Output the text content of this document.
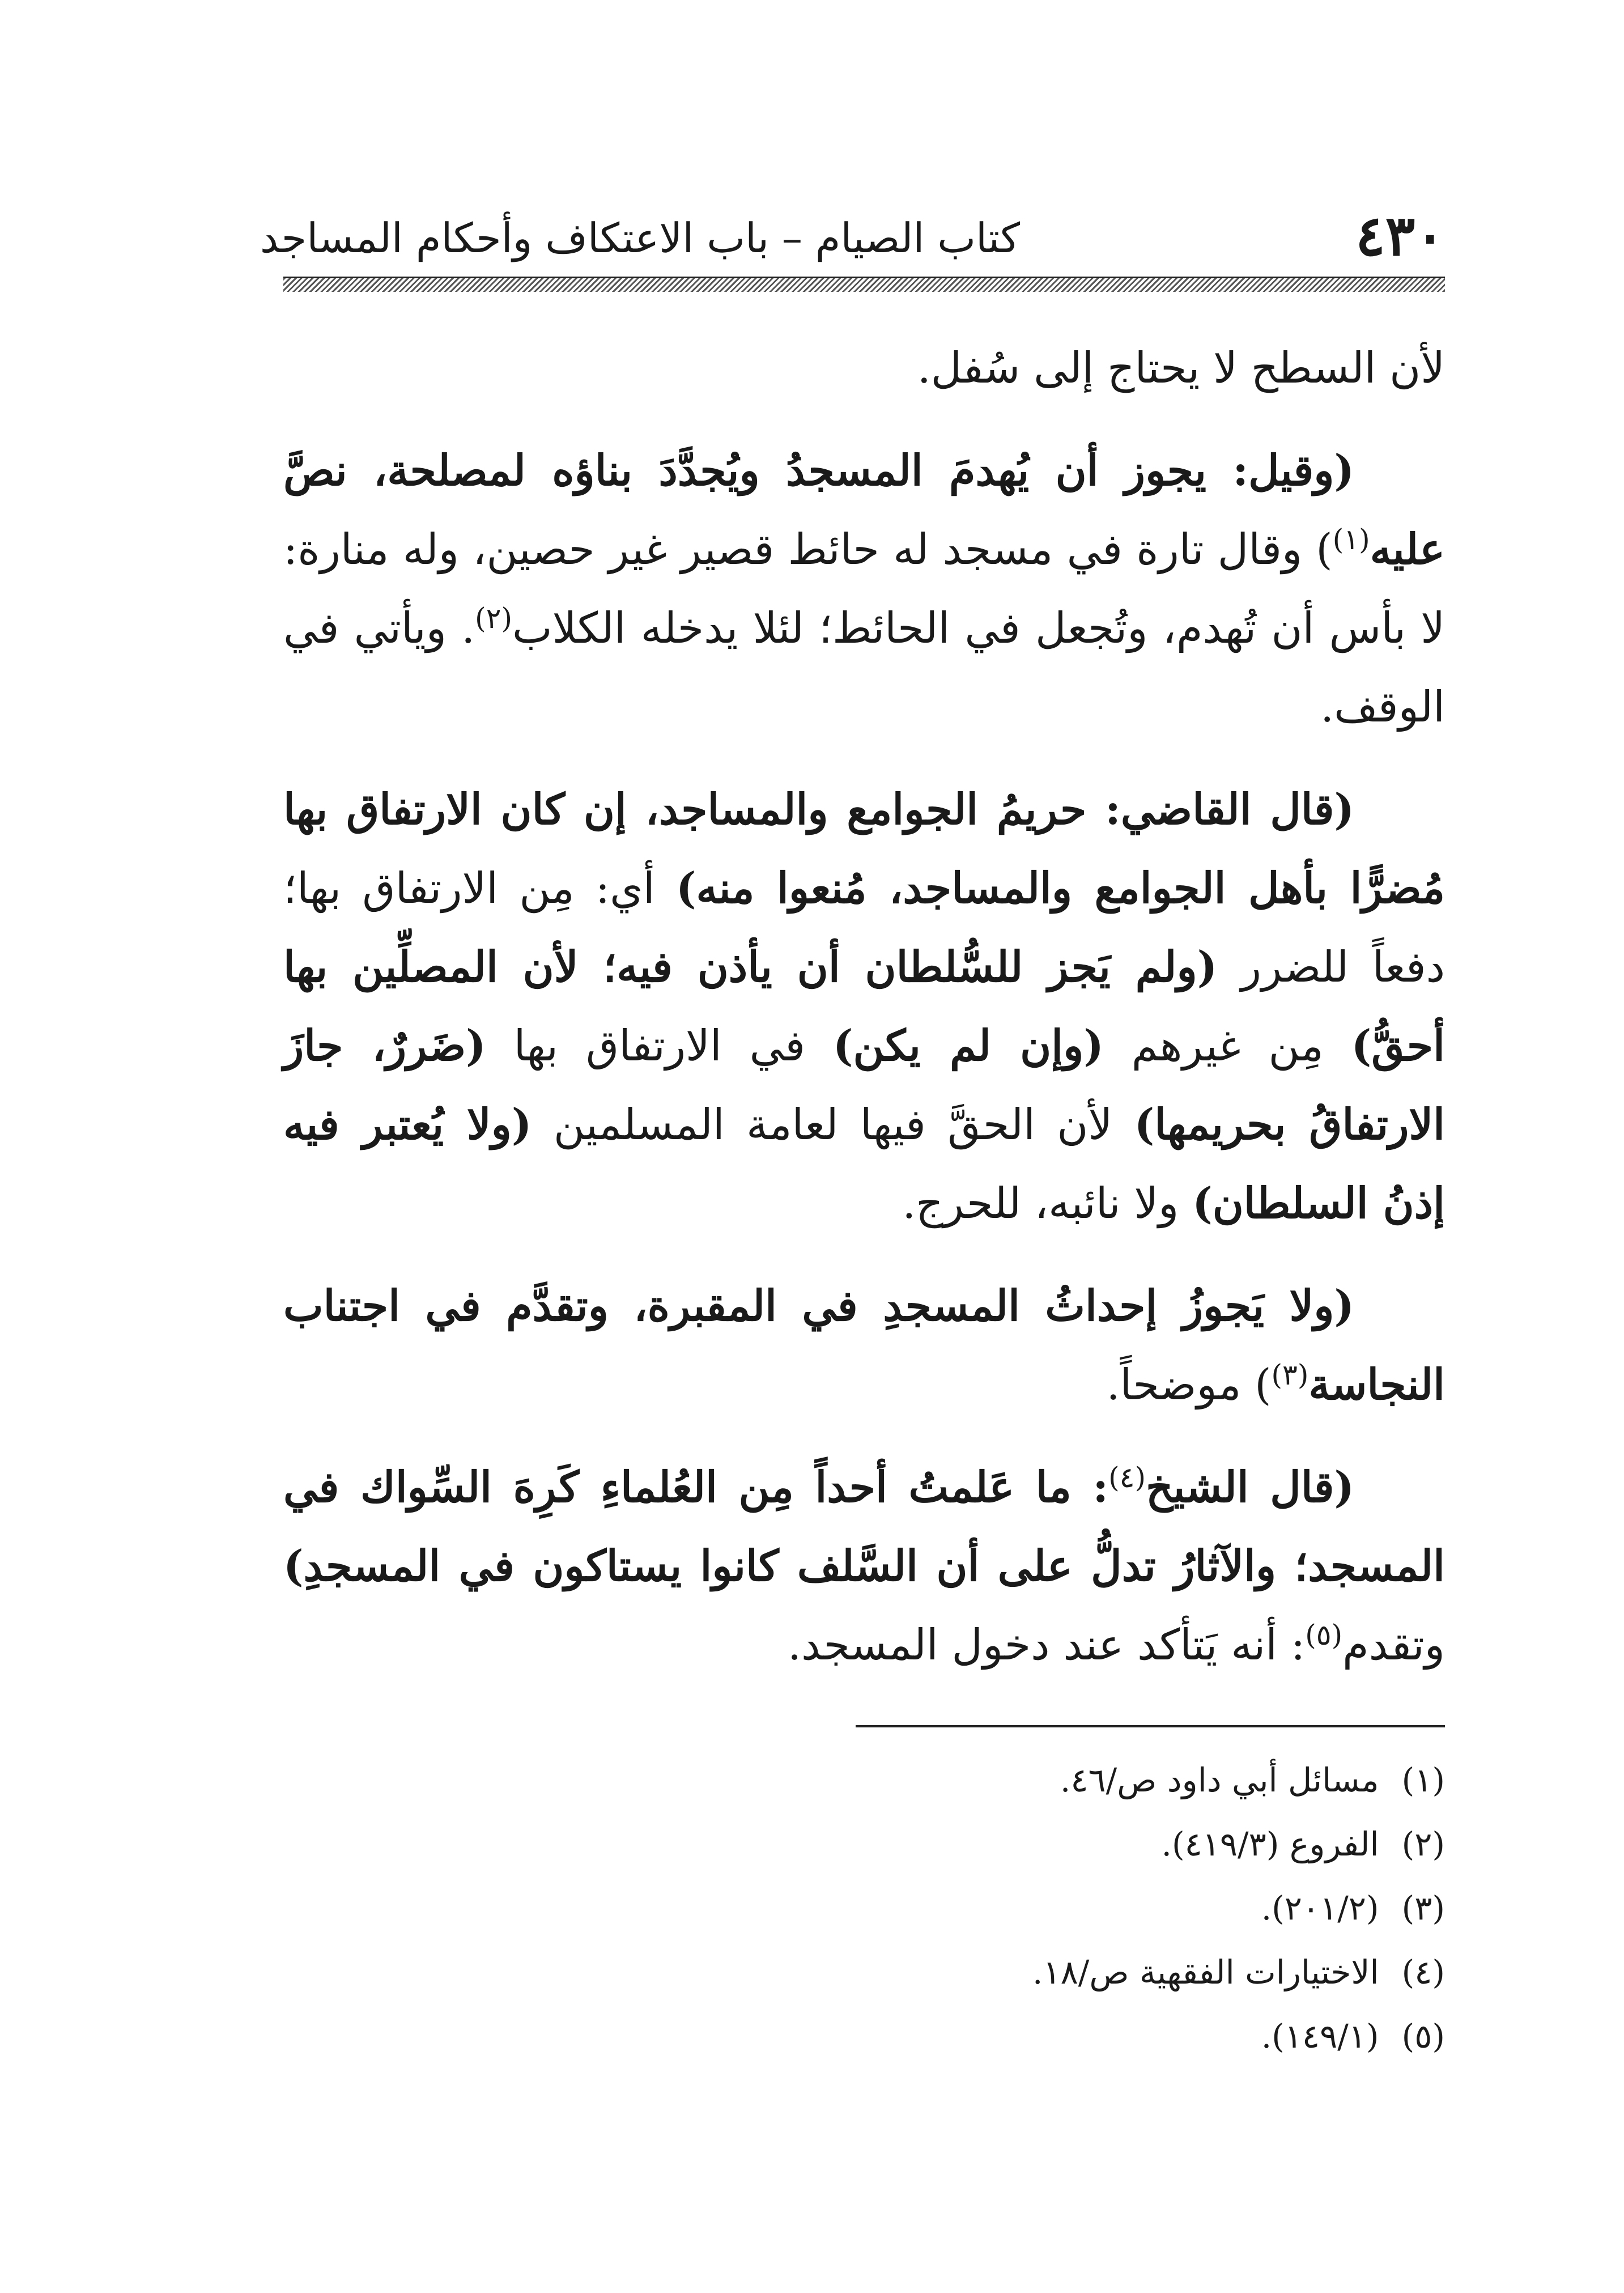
٤٣٠
كتاب الصيام – باب الاعتكاف وأحكام المساجد

لأن السطح لا يحتاج إلى سُفل.

(وقيل: يجوز أن يُهدمَ المسجدُ ويُجدَّدَ بناؤه لمصلحة، نصَّ عليه$^{(١)}$) وقال تارة في مسجد له حائط قصير غير حصين، وله منارة: لا بأس أن تُهدم، وتُجعل في الحائط؛ لئلا يدخله الكلاب$^{(٢)}$. ويأتي في الوقف.

(قال القاضي: حريمُ الجوامع والمساجد، إن كان الارتفاق بها مُضرًّا بأهل الجوامع والمساجد، مُنعوا منه) أي: مِن الارتفاق بها؛ دفعاً للضرر (ولم يَجز للسُّلطان أن يأذن فيه؛ لأن المصلِّين بها أحقُّ) مِن غيرهم (وإن لم يكن) في الارتفاق بها (ضَررٌ، جازَ الارتفاقُ بحريمها) لأن الحقَّ فيها لعامة المسلمين (ولا يُعتبر فيه إذنُ السلطان) ولا نائبه، للحرج.

(ولا يَجوزُ إحداثُ المسجدِ في المقبرة، وتقدَّم في اجتناب النجاسة$^{(٣)}$) موضحاً.

(قال الشيخ$^{(٤)}$: ما عَلمتُ أحداً مِن العُلماءِ كَرِهَ السِّواك في المسجد؛ والآثارُ تدلُّ على أن السَّلف كانوا يستاكون في المسجدِ) وتقدم$^{(٥)}$: أنه يَتأكد عند دخول المسجد.

(١)مسائل أبي داود ص/٤٦.
(٢)الفروع (٤١٩/٣).
(٣)(٢٠١/٢).
(٤)الاختيارات الفقهية ص/١٨.
(٥)(١٤٩/١).
